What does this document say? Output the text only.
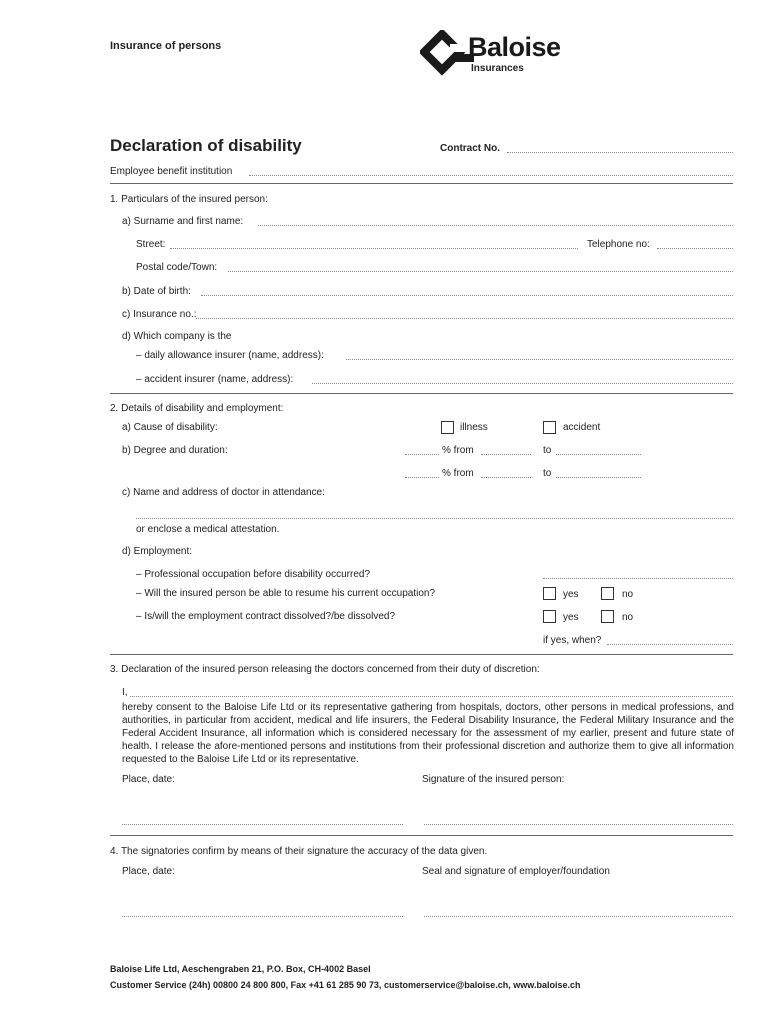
Insurance of persons	Baloise
Insurances
Declaration of disability	Contract No.
Employee benefit institution
1. Particulars of the insured person:
a) Surname and first name:
Street:	Telephone no:
Postal code/Town:
b) Date of birth:
c) Insurance no.:
d) Which company is the
– daily allowance insurer (name, address):
– accident insurer (name, address):
2. Details of disability and employment:
a) Cause of disability:	illness	accident
b) Degree and duration:	% from	to
% from	to
c) Name and address of doctor in attendance:
or enclose a medical attestation.
d) Employment:
– Professional occupation before disability occurred?
– Will the insured person be able to resume his current occupation?	yes	no
– Is/will the employment contract dissolved?/be dissolved?	yes	no
if yes, when?
3. Declaration of the insured person releasing the doctors concerned from their duty of discretion:
I,
hereby consent to the Baloise Life Ltd or its representative gathering from hospitals, doctors, other persons in medical professions, and authorities, in particular from accident, medical and life insurers, the Federal Disability Insurance, the Federal Military Insurance and the Federal Accident Insurance, all information which is considered necessary for the assessment of my earlier, present and future state of health. I release the afore-mentioned persons and institutions from their professional discretion and authorize them to give all information requested to the Baloise Life Ltd or its representative.
Place, date:	Signature of the insured person:
4. The signatories confirm by means of their signature the accuracy of the data given.
Place, date:	Seal and signature of employer/foundation
Baloise Life Ltd, Aeschengraben 21, P.O. Box, CH-4002 Basel
Customer Service (24h) 00800 24 800 800, Fax +41 61 285 90 73, customerservice@baloise.ch, www.baloise.ch
